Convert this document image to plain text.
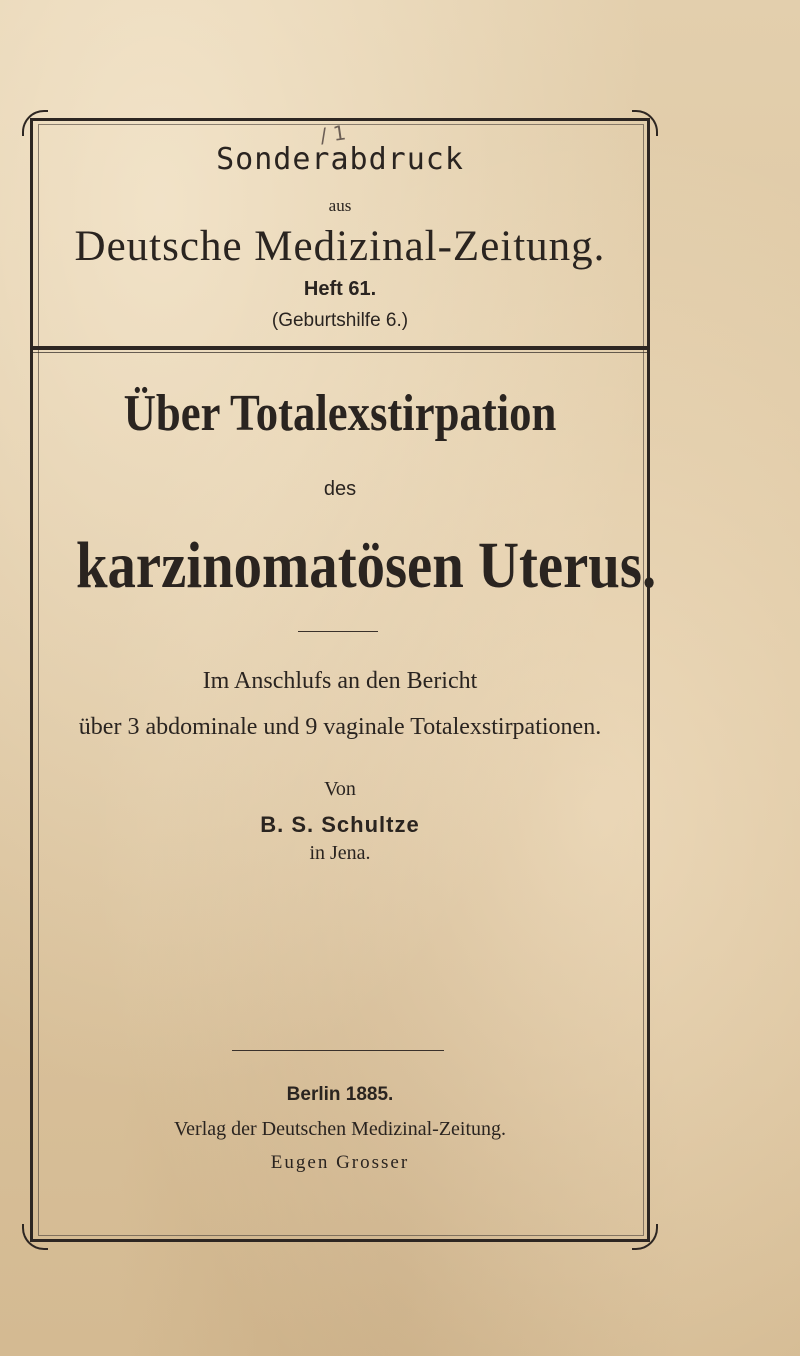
/ 1

Sonderabdruck

aus

Deutsche Medizinal-Zeitung.

Heft 61.

(Geburtshilfe 6.)

Über Totalexstirpation

des

karzinomatösen Uterus.

Im Anschlufs an den Bericht

über 3 abdominale und 9 vaginale Totalexstirpationen.

Von

B. S. Schultze

in Jena.

Berlin 1885.

Verlag der Deutschen Medizinal-Zeitung.

Eugen Grosser
